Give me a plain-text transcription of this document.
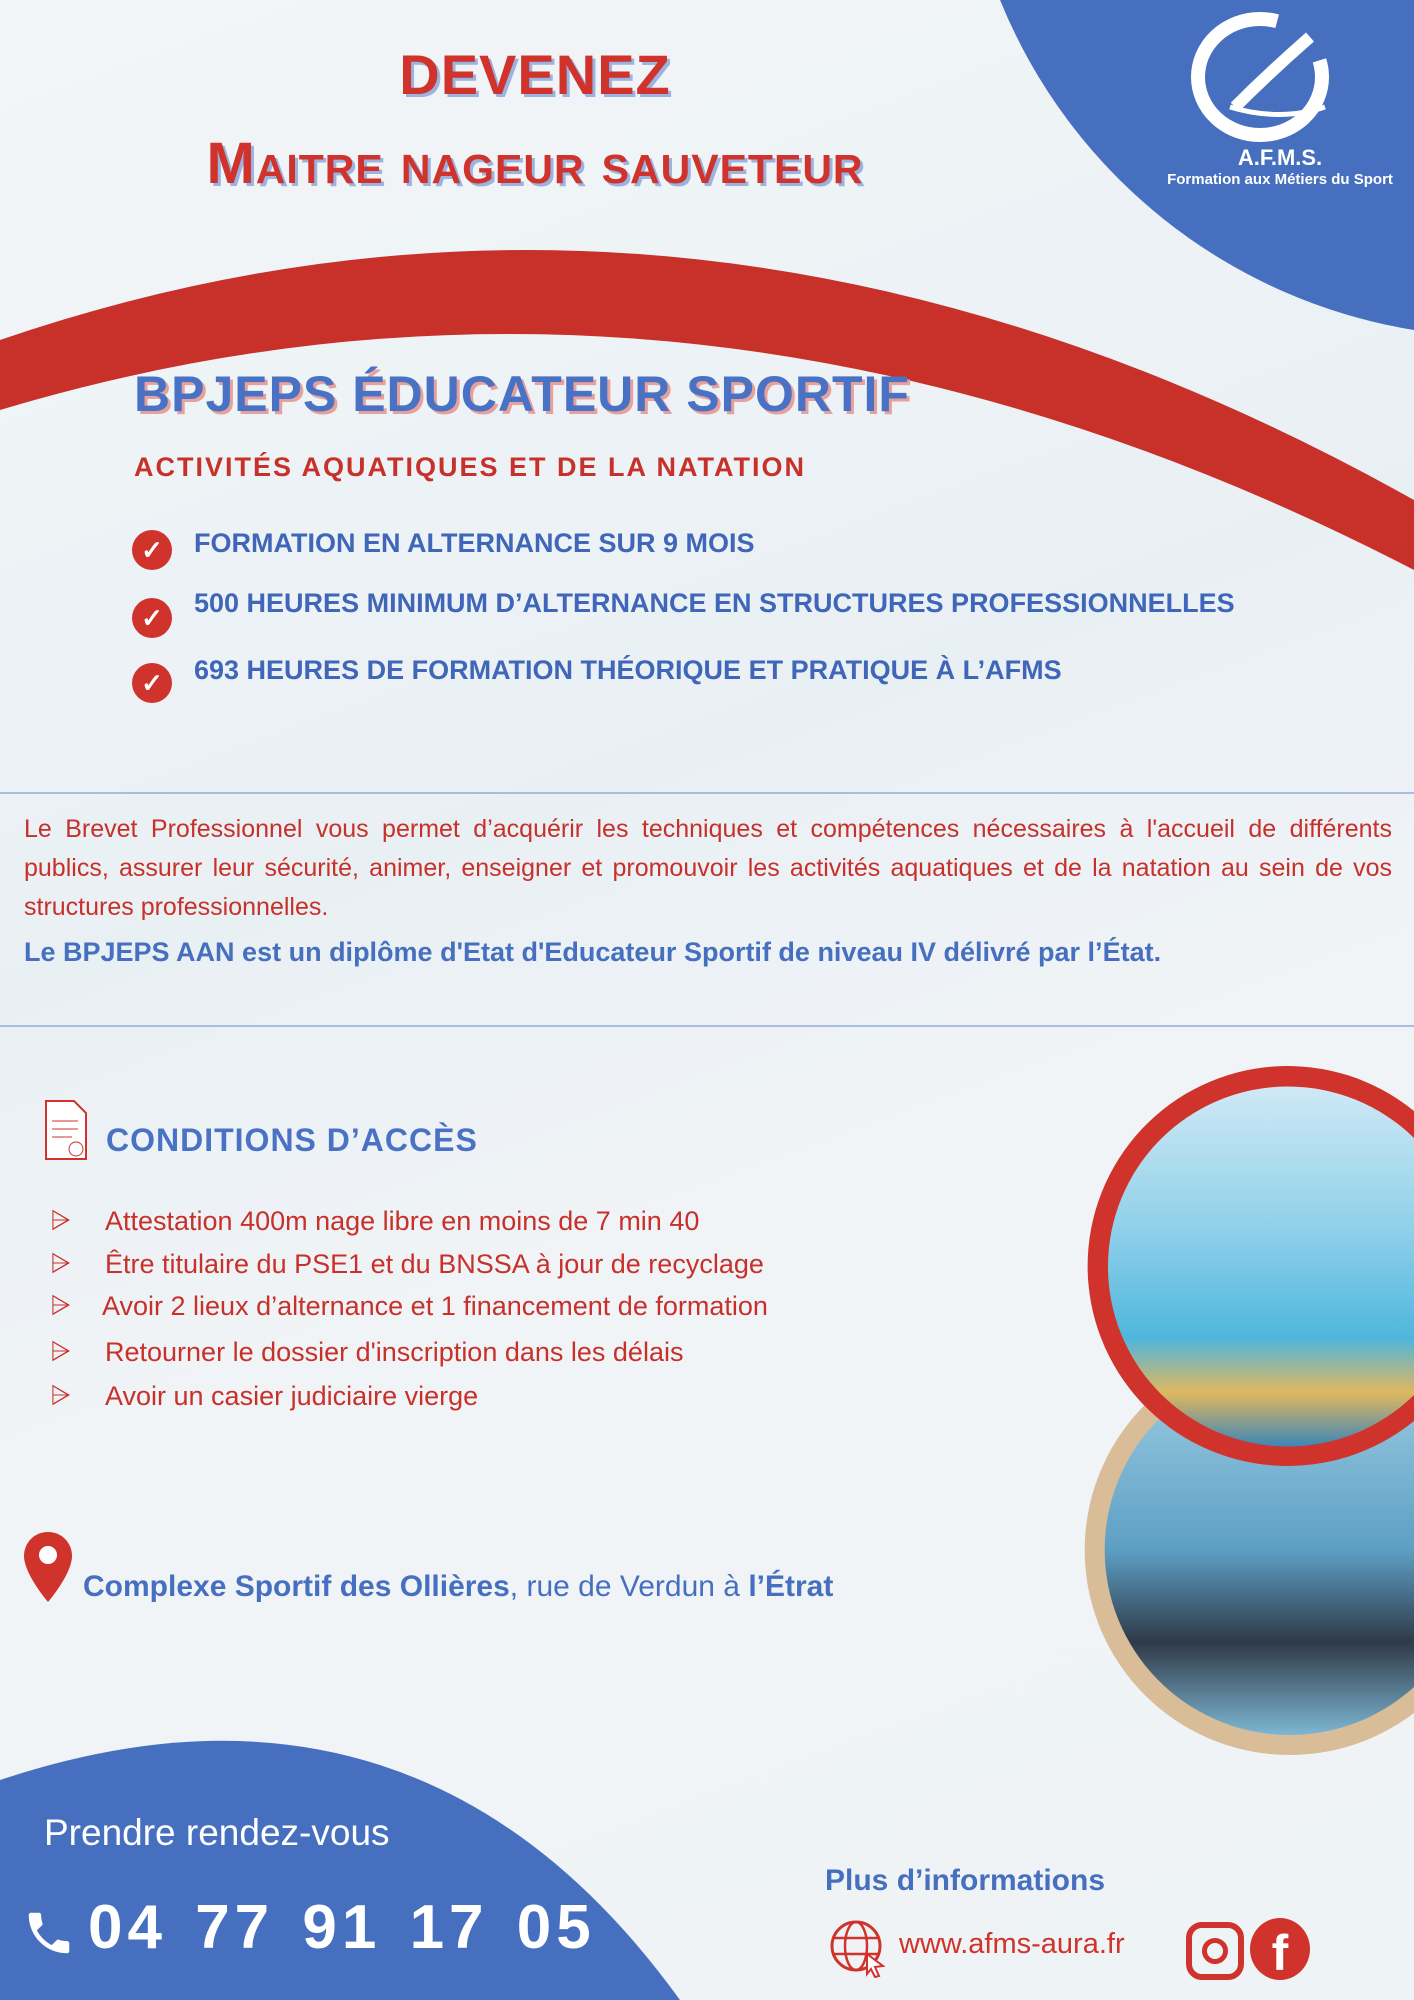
A.F.M.S.
Formation aux Métiers du Sport
DEVENEZ
Maitre nageur sauveteur
BPJEPS ÉDUCATEUR SPORTIF
ACTIVITÉS AQUATIQUES ET DE LA NATATION
✓	FORMATION EN ALTERNANCE SUR 9 MOIS
✓	500 HEURES MINIMUM D’ALTERNANCE EN STRUCTURES PROFESSIONNELLES
✓	693 HEURES DE FORMATION THÉORIQUE ET PRATIQUE À L’AFMS
Le Brevet Professionnel vous permet d’acquérir les techniques et compétences nécessaires à l'accueil de différents publics, assurer leur sécurité, animer, enseigner et promouvoir les activités aquatiques et de la natation au sein de vos structures professionnelles.
Le BPJEPS AAN est un diplôme d'Etat d'Educateur Sportif de niveau IV délivré par l’État.
CONDITIONS D’ACCÈS
⩥ Attestation 400m nage libre en moins de 7 min 40
⩥ Être titulaire du PSE1 et du BNSSA à jour de recyclage
⩥ Avoir 2 lieux d’alternance et 1 financement de formation
⩥ Retourner le dossier d'inscription dans les délais
⩥ Avoir un casier judiciaire vierge
Complexe Sportif des Ollières, rue de Verdun à l’Étrat
Prendre rendez-vous
04 77 91 17 05
Plus d’informations
www.afms-aura.fr	f
